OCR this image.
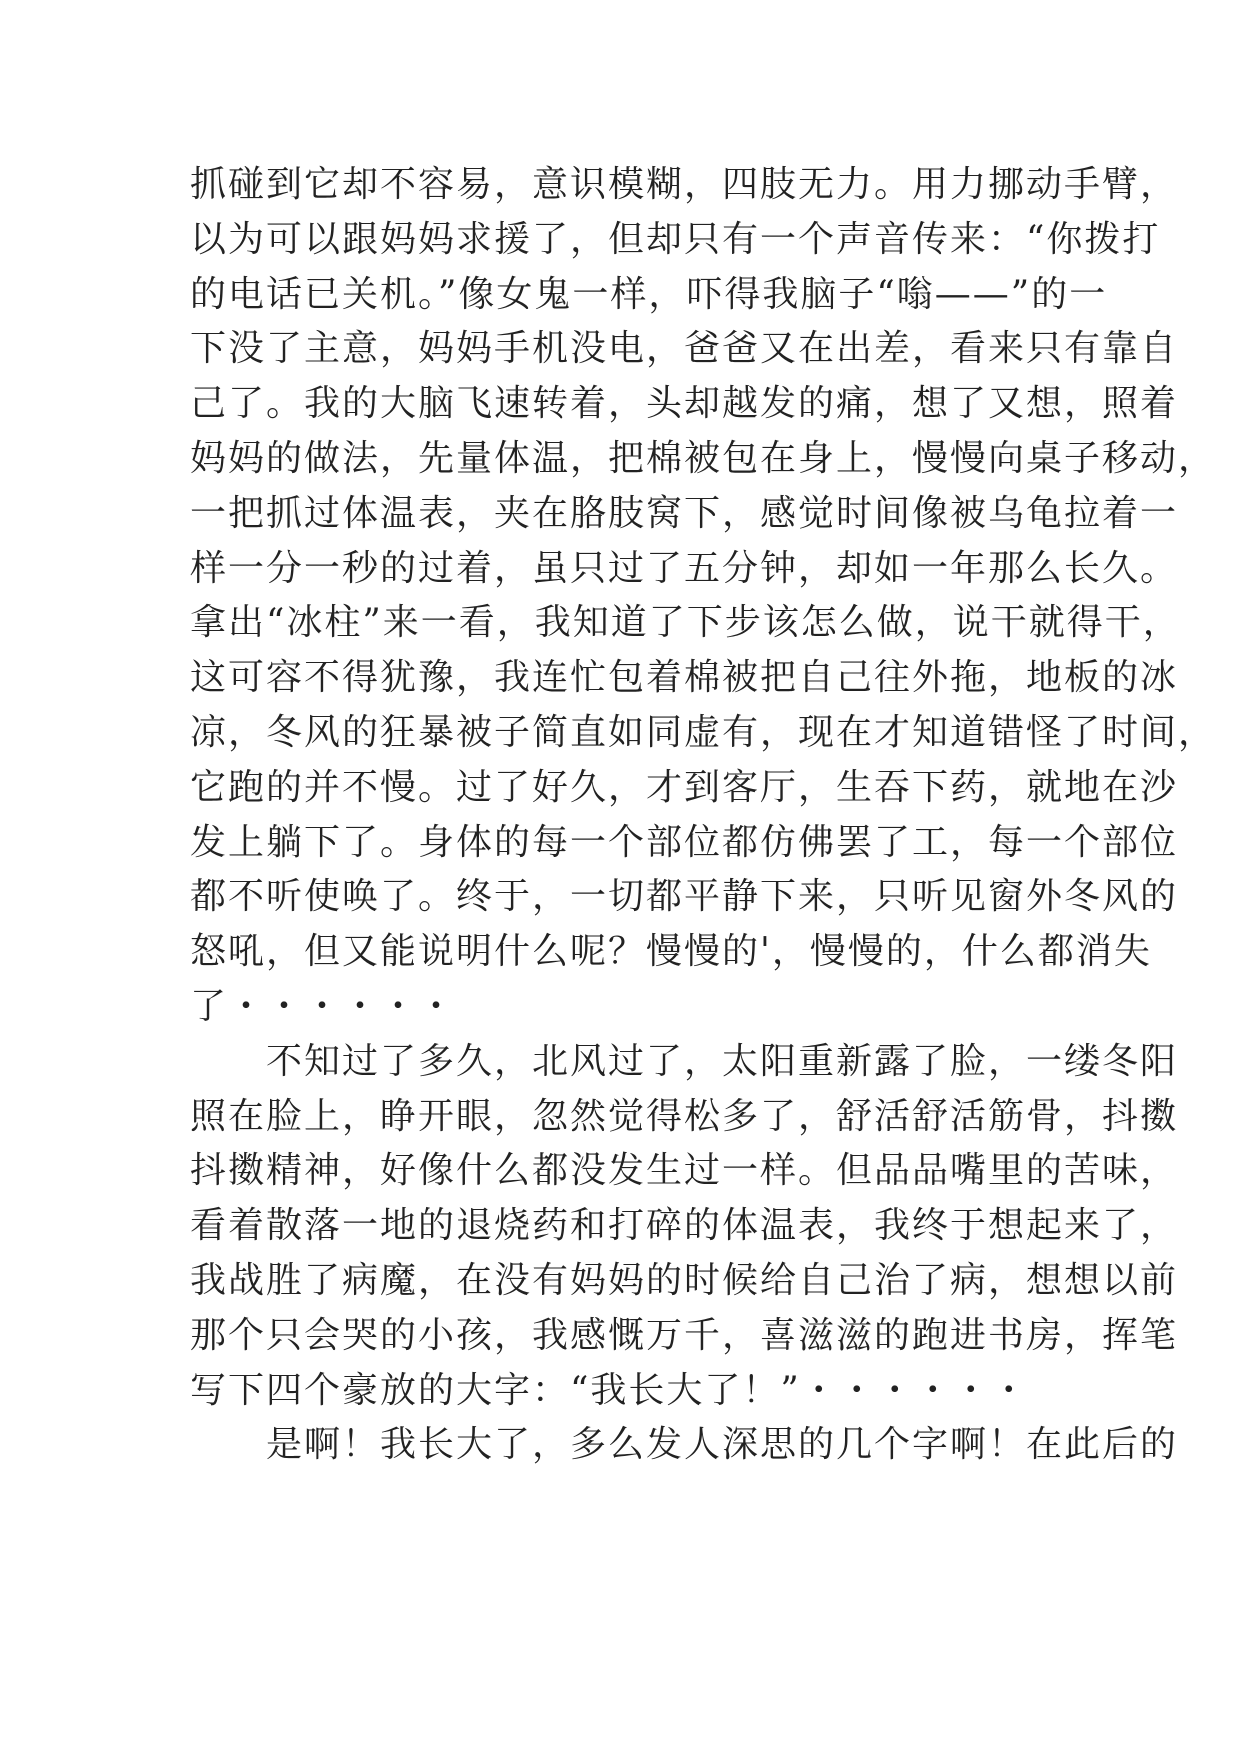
抓碰到它却不容易，意识模糊，四肢无力。用力挪动手臂，
以为可以跟妈妈求援了，但却只有一个声音传来：“你拨打
的电话已关机。”像女鬼一样，吓得我脑子“嗡——”的一
下没了主意，妈妈手机没电，爸爸又在出差，看来只有靠自
己了。我的大脑飞速转着，头却越发的痛，想了又想，照着
妈妈的做法，先量体温，把棉被包在身上，慢慢向桌子移动，
一把抓过体温表，夹在胳肢窝下，感觉时间像被乌龟拉着一
样一分一秒的过着，虽只过了五分钟，却如一年那么长久。
拿出“冰柱”来一看，我知道了下步该怎么做，说干就得干，
这可容不得犹豫，我连忙包着棉被把自己往外拖，地板的冰
凉，冬风的狂暴被子简直如同虚有，现在才知道错怪了时间，
它跑的并不慢。过了好久，才到客厅，生吞下药，就地在沙
发上躺下了。身体的每一个部位都仿佛罢了工，每一个部位
都不听使唤了。终于，一切都平静下来，只听见窗外冬风的
怒吼，但又能说明什么呢？慢慢的'，慢慢的，什么都消失
了・・・・・・
　　不知过了多久，北风过了，太阳重新露了脸，一缕冬阳
照在脸上，睁开眼，忽然觉得松多了，舒活舒活筋骨，抖擞
抖擞精神，好像什么都没发生过一样。但品品嘴里的苦味，
看着散落一地的退烧药和打碎的体温表，我终于想起来了，
我战胜了病魔，在没有妈妈的时候给自己治了病，想想以前
那个只会哭的小孩，我感慨万千，喜滋滋的跑进书房，挥笔
写下四个豪放的大字：“我长大了！”・・・・・・
　　是啊！我长大了，多么发人深思的几个字啊！在此后的
